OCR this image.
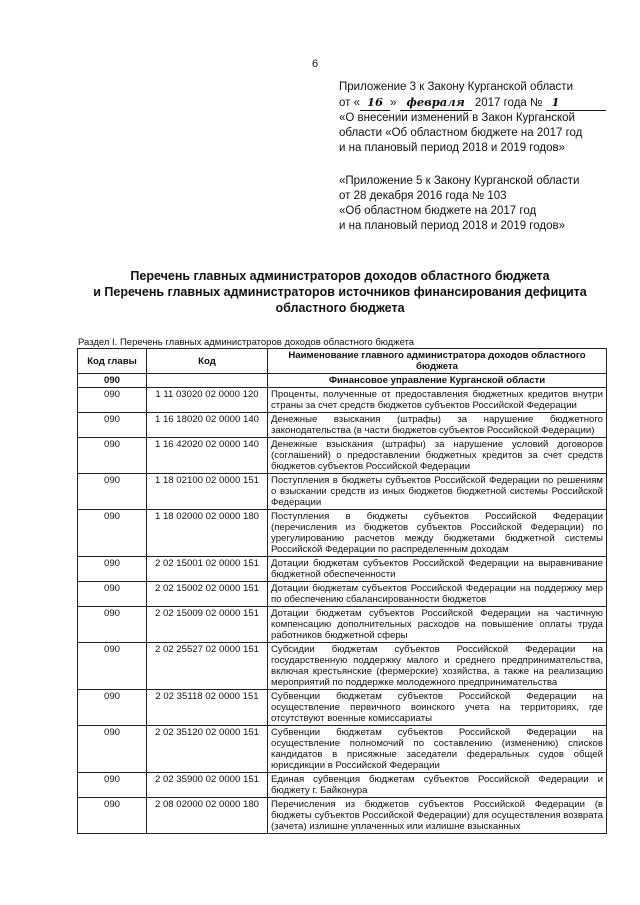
6
Приложение 3 к Закону Курганской области
от « 16 » февраля 2017 года № 1
«О внесении изменений в Закон Курганской
области «Об областном бюджете на 2017 год
и на плановый период 2018 и 2019 годов»
«Приложение 5 к Закону Курганской области
от 28 декабря 2016 года № 103
«Об областном бюджете на 2017 год
и на плановый период 2018 и 2019 годов»
Перечень главных администраторов доходов областного бюджета
и Перечень главных администраторов источников финансирования дефицита
областного бюджета
Раздел I. Перечень главных администраторов доходов областного бюджета
Код главы	Код	Наименование главного администратора доходов областного бюджета
090		Финансовое управление Курганской области
090	1 11 03020 02 0000 120	Проценты, полученные от предоставления бюджетных кредитов внутри страны за счет средств бюджетов субъектов Российской Федерации
090	1 16 18020 02 0000 140	Денежные взыскания (штрафы) за нарушение бюджетного законодательства (в части бюджетов субъектов Российской Федерации)
090	1 16 42020 02 0000 140	Денежные взыскания (штрафы) за нарушение условий договоров (соглашений) о предоставлении бюджетных кредитов за счет средств бюджетов субъектов Российской Федерации
090	1 18 02100 02 0000 151	Поступления в бюджеты субъектов Российской Федерации по решениям о взыскании средств из иных бюджетов бюджетной системы Российской Федерации
090	1 18 02000 02 0000 180	Поступления в бюджеты субъектов Российской Федерации (перечисления из бюджетов субъектов Российской Федерации) по урегулированию расчетов между бюджетами бюджетной системы Российской Федерации по распределенным доходам
090	2 02 15001 02 0000 151	Дотации бюджетам субъектов Российской Федерации на выравнивание бюджетной обеспеченности
090	2 02 15002 02 0000 151	Дотации бюджетам субъектов Российской Федерации на поддержку мер по обеспечению сбалансированности бюджетов
090	2 02 15009 02 0000 151	Дотации бюджетам субъектов Российской Федерации на частичную компенсацию дополнительных расходов на повышение оплаты труда работников бюджетной сферы
090	2 02 25527 02 0000 151	Субсидии бюджетам субъектов Российской Федерации на государственную поддержку малого и среднего предпринимательства, включая крестьянские (фермерские) хозяйства, а также на реализацию мероприятий по поддержке молодежного предпринимательства
090	2 02 35118 02 0000 151	Субвенции бюджетам субъектов Российской Федерации на осуществление первичного воинского учета на территориях, где отсутствуют военные комиссариаты
090	2 02 35120 02 0000 151	Субвенции бюджетам субъектов Российской Федерации на осуществление полномочий по составлению (изменению) списков кандидатов в присяжные заседатели федеральных судов общей юрисдикции в Российской Федерации
090	2 02 35900 02 0000 151	Единая субвенция бюджетам субъектов Российской Федерации и бюджету г. Байконура
090	2 08 02000 02 0000 180	Перечисления из бюджетов субъектов Российской Федерации (в бюджеты субъектов Российской Федерации) для осуществления возврата (зачета) излишне уплаченных или излишне взысканных
